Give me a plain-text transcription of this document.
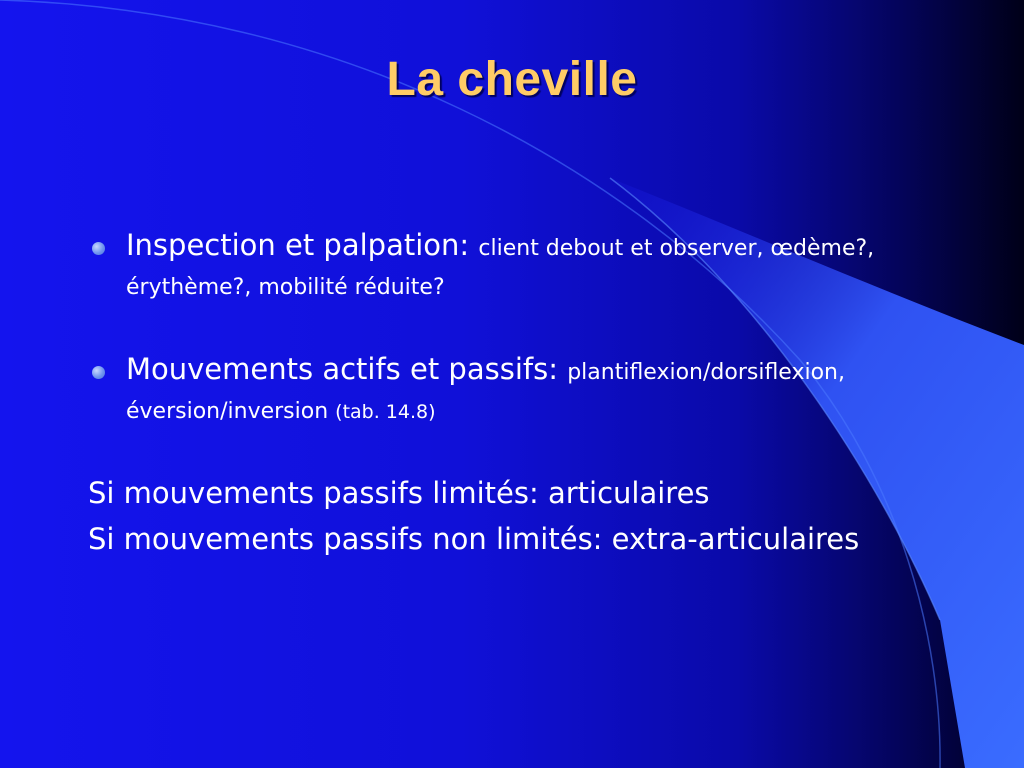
La cheville
Inspection et palpation: client debout et observer, œdème?, érythème?, mobilité réduite?
Mouvements actifs et passifs: plantiflexion/dorsiflexion, éversion/inversion (tab. 14.8)
Si mouvements passifs limités: articulaires
Si mouvements passifs non limités: extra-articulaires
